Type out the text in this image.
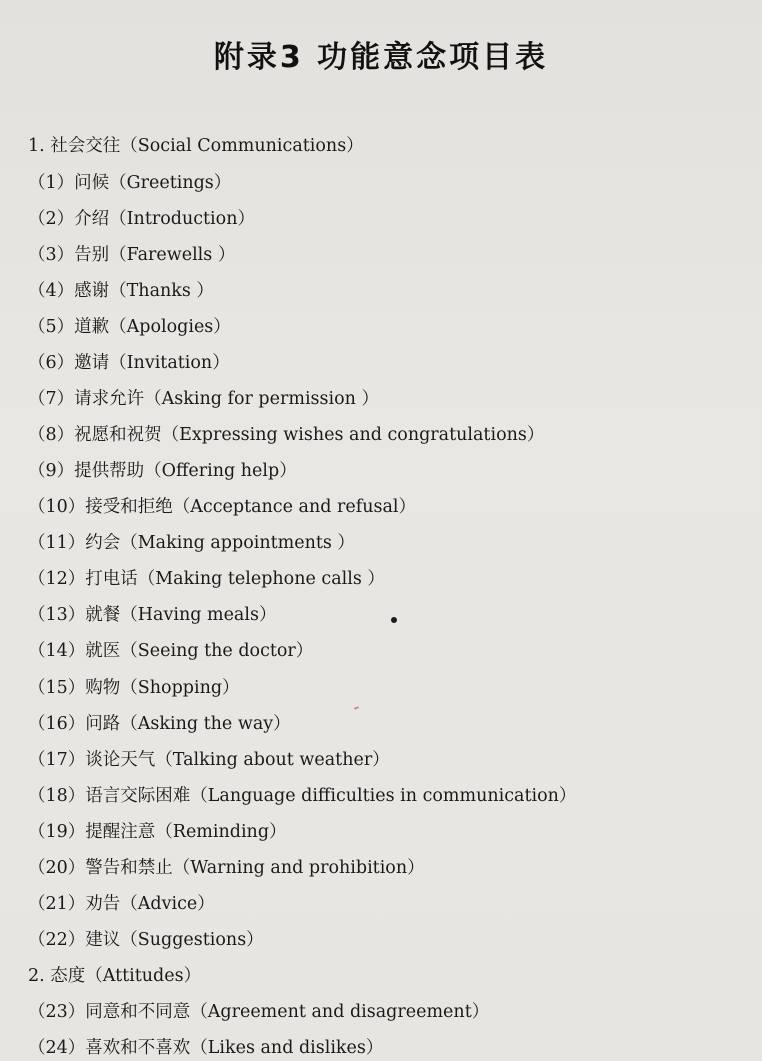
附录3 功能意念项目表
1. 社会交往（Social Communications）
（1）问候（Greetings）
（2）介绍（Introduction）
（3）告别（Farewells ）
（4）感谢（Thanks ）
（5）道歉（Apologies）
（6）邀请（Invitation）
（7）请求允许（Asking for permission ）
（8）祝愿和祝贺（Expressing wishes and congratulations）
（9）提供帮助（Offering help）
（10）接受和拒绝（Acceptance and refusal）
（11）约会（Making appointments ）
（12）打电话（Making telephone calls ）
（13）就餐（Having meals）
（14）就医（Seeing the doctor）
（15）购物（Shopping）
（16）问路（Asking the way）
（17）谈论天气（Talking about weather）
（18）语言交际困难（Language difficulties in communication）
（19）提醒注意（Reminding）
（20）警告和禁止（Warning and prohibition）
（21）劝告（Advice）
（22）建议（Suggestions）
2. 态度（Attitudes）
（23）同意和不同意（Agreement and disagreement）
（24）喜欢和不喜欢（Likes and dislikes）
